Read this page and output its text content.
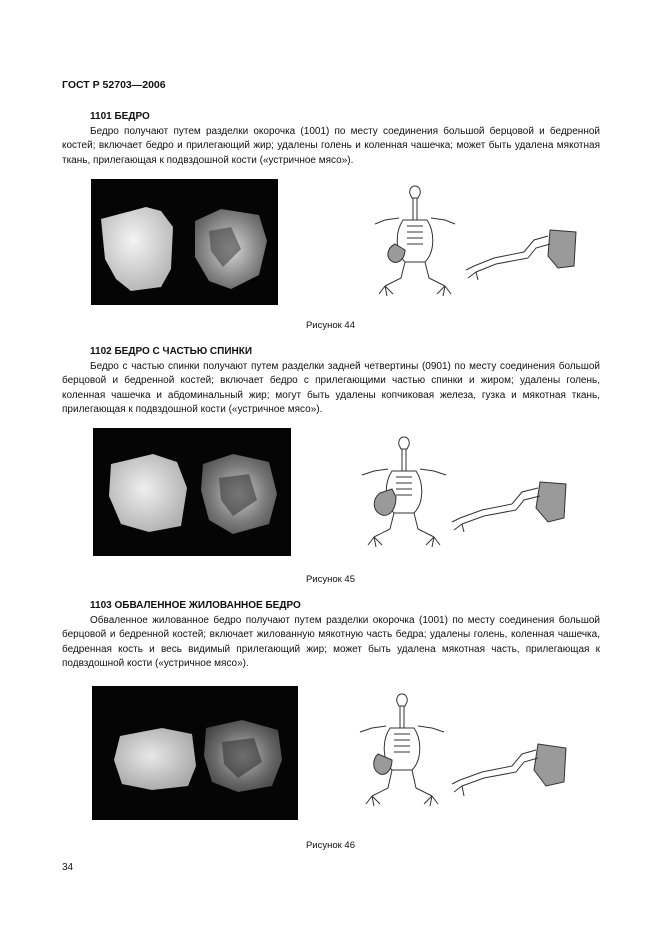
ГОСТ Р 52703—2006
1101 БЕДРО
Бедро получают путем разделки окорочка (1001) по месту соединения большой берцовой и бедренной костей; включает бедро и прилегающий жир; удалены голень и коленная чашечка; может быть удалена мякотная ткань, прилегающая к подвздошной кости («устричное мясо»).
Рисунок 44
1102 БЕДРО С ЧАСТЬЮ СПИНКИ
Бедро с частью спинки получают путем разделки задней четвертины (0901) по месту соединения большой берцовой и бедренной костей; включает бедро с прилегающими частью спинки и жиром; удалены голень, коленная чашечка и абдоминальный жир; могут быть удалены копчиковая железа, гузка и мякотная ткань, прилегающая к подвздошной кости («устричное мясо»).
Рисунок 45
1103 ОБВАЛЕННОЕ ЖИЛОВАННОЕ БЕДРО
Обваленное жилованное бедро получают путем разделки окорочка (1001) по месту соединения большой берцовой и бедренной костей; включает жилованную мякотную часть бедра; удалены голень, коленная чашечка, бедренная кость и весь видимый прилегающий жир; может быть удалена мякотная часть, прилегающая к подвздошной кости («устричное мясо»).
Рисунок 46
34
